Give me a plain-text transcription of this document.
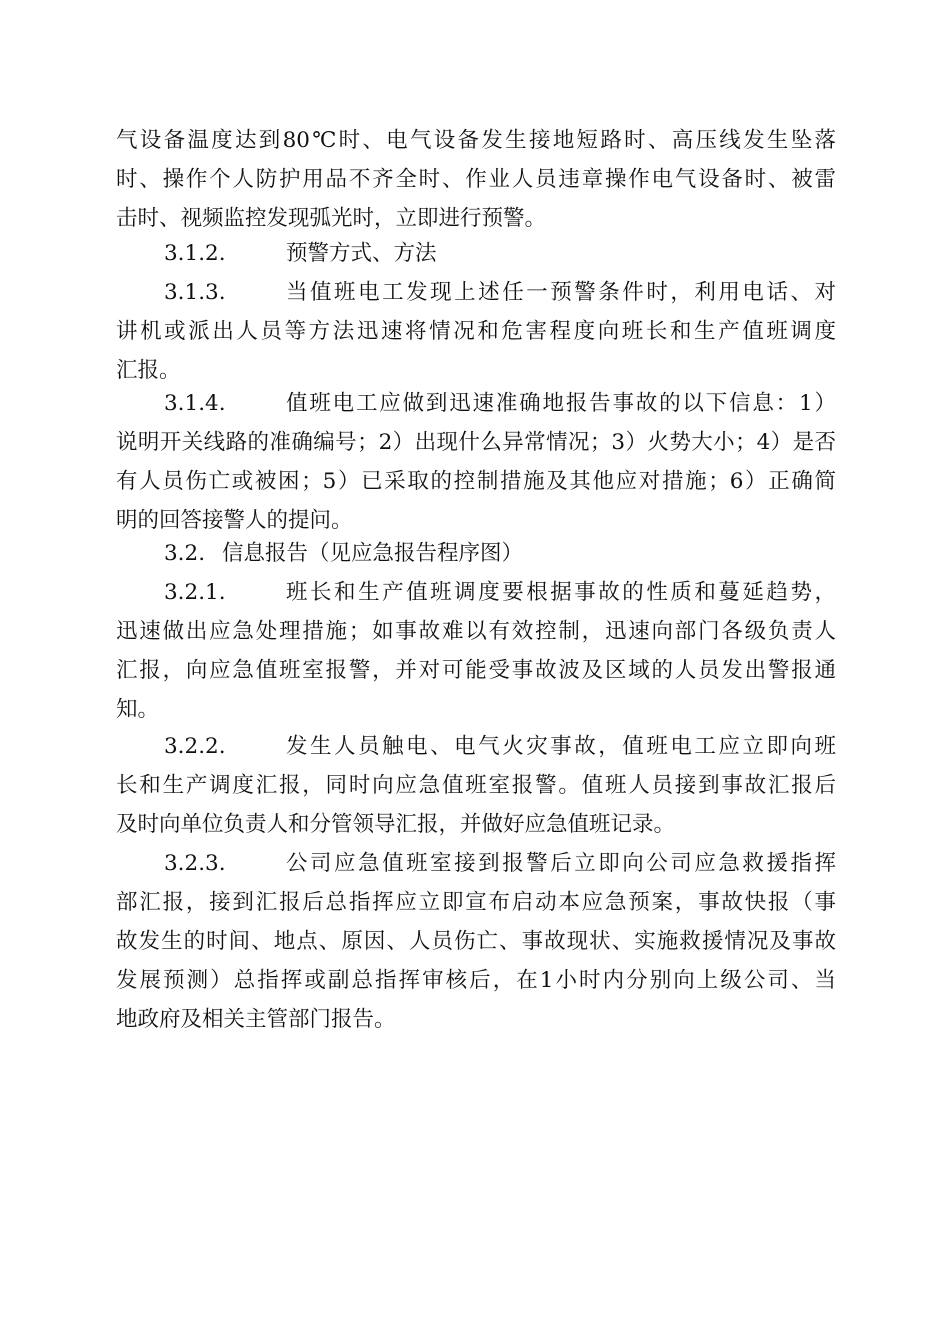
气设备温度达到80℃时、电气设备发生接地短路时、高压线发生坠落
时、操作个人防护用品不齐全时、作业人员违章操作电气设备时、被雷
击时、视频监控发现弧光时，立即进行预警。
3.1.2.	预警方式、方法
3.1.3.	当值班电工发现上述任一预警条件时，利用电话、对
讲机或派出人员等方法迅速将情况和危害程度向班长和生产值班调度
汇报。
3.1.4.	值班电工应做到迅速准确地报告事故的以下信息：1）
说明开关线路的准确编号；2）出现什么异常情况；3）火势大小；4）是否
有人员伤亡或被困；5）已采取的控制措施及其他应对措施；6）正确简
明的回答接警人的提问。
3.2. 信息报告（见应急报告程序图）
3.2.1.	班长和生产值班调度要根据事故的性质和蔓延趋势，
迅速做出应急处理措施；如事故难以有效控制，迅速向部门各级负责人
汇报，向应急值班室报警，并对可能受事故波及区域的人员发出警报通
知。
3.2.2.	发生人员触电、电气火灾事故，值班电工应立即向班
长和生产调度汇报，同时向应急值班室报警。值班人员接到事故汇报后
及时向单位负责人和分管领导汇报，并做好应急值班记录。
3.2.3.	公司应急值班室接到报警后立即向公司应急救援指挥
部汇报，接到汇报后总指挥应立即宣布启动本应急预案，事故快报（事
故发生的时间、地点、原因、人员伤亡、事故现状、实施救援情况及事故
发展预测）总指挥或副总指挥审核后，在1小时内分别向上级公司、当
地政府及相关主管部门报告。
